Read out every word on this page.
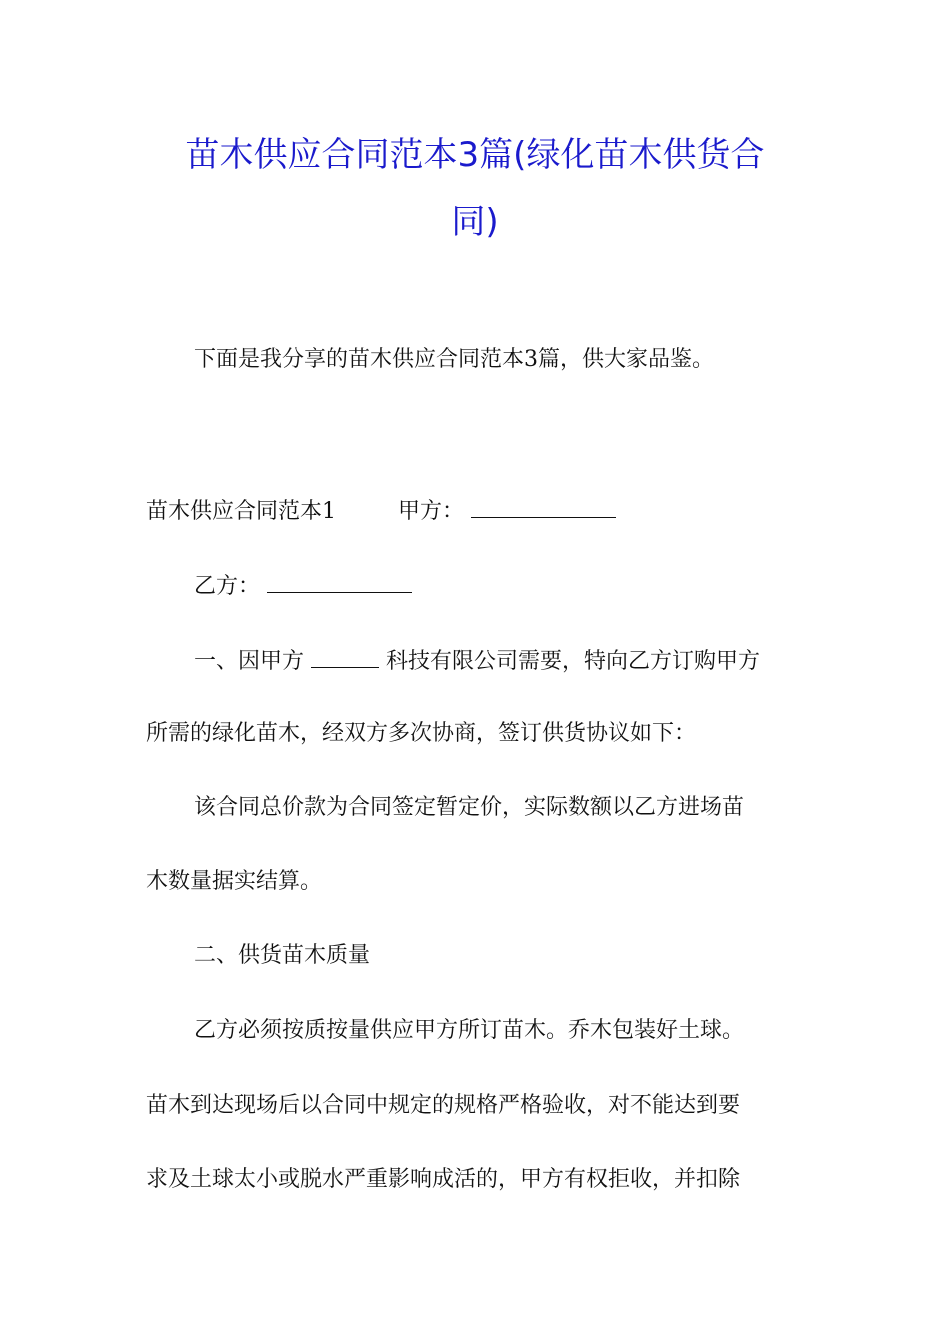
苗木供应合同范本3篇(绿化苗木供货合
同)

下面是我分享的苗木供应合同范本3篇，供大家品鉴。

苗木供应合同范本1	甲方：
乙方：
一、因甲方	科技有限公司需要，特向乙方订购甲方

所需的绿化苗木，经双方多次协商，签订供货协议如下：

该合同总价款为合同签定暂定价，实际数额以乙方进场苗

木数量据实结算。

二、供货苗木质量

乙方必须按质按量供应甲方所订苗木。乔木包装好土球。

苗木到达现场后以合同中规定的规格严格验收，对不能达到要

求及土球太小或脱水严重影响成活的，甲方有权拒收，并扣除
